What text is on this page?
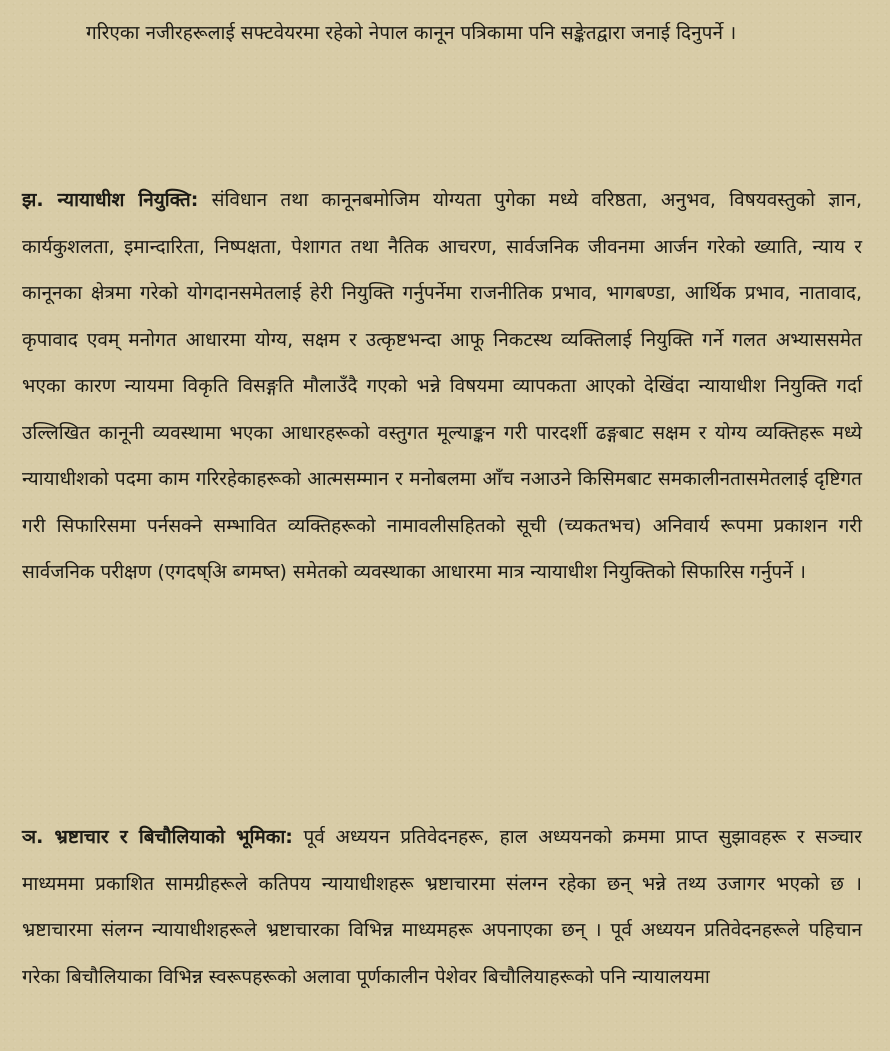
गरिएका नजीरहरूलाई सफ्टवेयरमा रहेको नेपाल कानून पत्रिकामा पनि सङ्केतद्वारा जनाई दिनुपर्ने ।

झ. न्यायाधीश नियुक्ति: संविधान तथा कानूनबमोजिम योग्यता पुगेका मध्ये वरिष्ठता, अनुभव, विषयवस्तुको ज्ञान, कार्यकुशलता, इमान्दारिता, निष्पक्षता, पेशागत तथा नैतिक आचरण, सार्वजनिक जीवनमा आर्जन गरेको ख्याति, न्याय र कानूनका क्षेत्रमा गरेको योगदानसमेतलाई हेरी नियुक्ति गर्नुपर्नेमा राजनीतिक प्रभाव, भागबण्डा, आर्थिक प्रभाव, नातावाद, कृपावाद एवम् मनोगत आधारमा योग्य, सक्षम र उत्कृष्टभन्दा आफू निकटस्थ व्यक्तिलाई नियुक्ति गर्ने गलत अभ्याससमेत भएका कारण न्यायमा विकृति विसङ्गति मौलाउँदै गएको भन्ने विषयमा व्यापकता आएको देखिंदा न्यायाधीश नियुक्ति गर्दा उल्लिखित कानूनी व्यवस्थामा भएका आधारहरूको वस्तुगत मूल्याङ्कन गरी पारदर्शी ढङ्गबाट सक्षम र योग्य व्यक्तिहरू मध्ये न्यायाधीशको पदमा काम गरिरहेकाहरूको आत्मसम्मान र मनोबलमा आँच नआउने किसिमबाट समकालीनतासमेतलाई दृष्टिगत गरी सिफारिसमा पर्नसक्ने सम्भावित व्यक्तिहरूको नामावलीसहितको सूची (च्यकतभच) अनिवार्य रूपमा प्रकाशन गरी सार्वजनिक परीक्षण (एगदष्अि ब्गमष्त) समेतको व्यवस्थाका आधारमा मात्र न्यायाधीश नियुक्तिको सिफारिस गर्नुपर्ने ।

ञ. भ्रष्टाचार र बिचौलियाको भूमिका: पूर्व अध्ययन प्रतिवेदनहरू, हाल अध्ययनको क्रममा प्राप्त सुझावहरू र सञ्चार माध्यममा प्रकाशित सामग्रीहरूले कतिपय न्यायाधीशहरू भ्रष्टाचारमा संलग्न रहेका छन् भन्ने तथ्य उजागर भएको छ । भ्रष्टाचारमा संलग्न न्यायाधीशहरूले भ्रष्टाचारका विभिन्न माध्यमहरू अपनाएका छन् । पूर्व अध्ययन प्रतिवेदनहरूले पहिचान गरेका बिचौलियाका विभिन्न स्वरूपहरूको अलावा पूर्णकालीन पेशेवर बिचौलियाहरूको पनि न्यायालयमा
